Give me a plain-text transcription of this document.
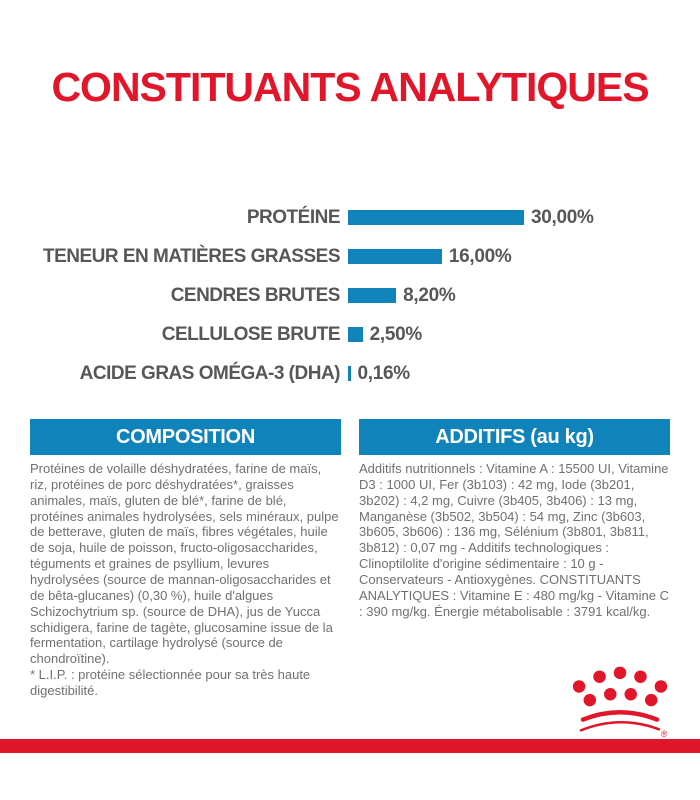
CONSTITUANTS ANALYTIQUES
PROTÉINE	30,00%
TENEUR EN MATIÈRES GRASSES	16,00%
CENDRES BRUTES	8,20%
CELLULOSE BRUTE 2,50%
ACIDE GRAS OMÉGA-3 (DHA) 0,16%
COMPOSITION

Protéines de volaille déshydratées, farine de maïs, riz, protéines de porc déshydratées*, graisses animales, maïs, gluten de blé*, farine de blé, protéines animales hydrolysées, sels minéraux, pulpe de betterave, gluten de maïs, fibres végétales, huile de soja, huile de poisson, fructo-oligosaccharides, téguments et graines de psyllium, levures hydrolysées (source de mannan-oligosaccharides et de bêta-glucanes) (0,30 %), huile d'algues Schizochytrium sp. (source de DHA), jus de Yucca schidigera, farine de tagète, glucosamine issue de la fermentation, cartilage hydrolysé (source de chondroïtine).

* L.I.P. : protéine sélectionnée pour sa très haute digestibilité.

ADDITIFS (au kg)

Additifs nutritionnels : Vitamine A : 15500 UI, Vitamine D3 : 1000 UI, Fer (3b103) : 42 mg, Iode (3b201, 3b202) : 4,2 mg, Cuivre (3b405, 3b406) : 13 mg, Manganèse (3b502, 3b504) : 54 mg, Zinc (3b603, 3b605, 3b606) : 136 mg, Sélénium (3b801, 3b811, 3b812) : 0,07 mg - Additifs technologiques : Clinoptilolite d'origine sédimentaire : 10 g - Conservateurs - Antioxygènes. CONSTITUANTS ANALYTIQUES : Vitamine E : 480 mg/kg - Vitamine C : 390 mg/kg. Énergie métabolisable : 3791 kcal/kg.

®
